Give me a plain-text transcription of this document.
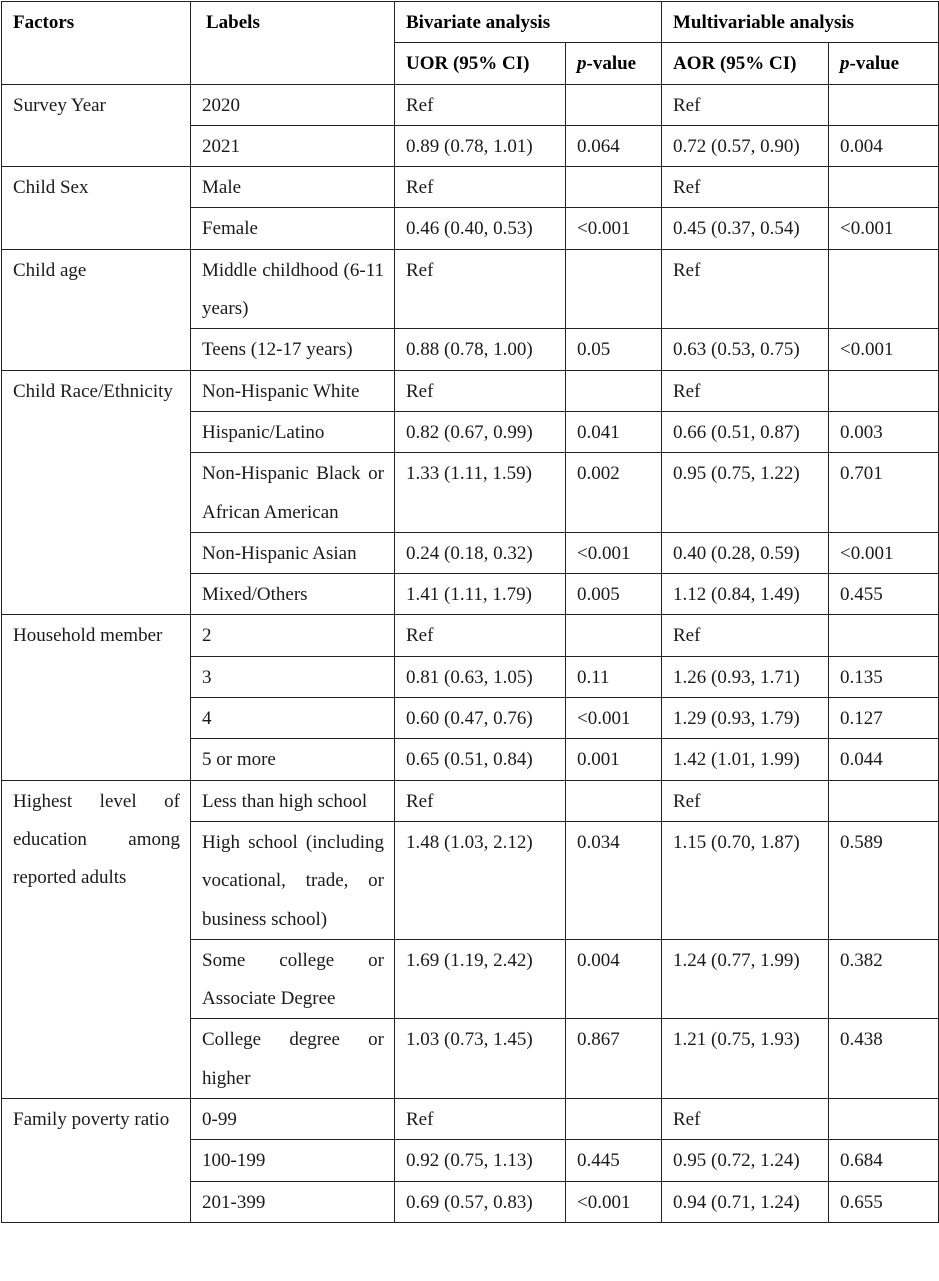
Factors	Labels	Bivariate analysis		Multivariable analysis	
		UOR (95% CI)	p-value	AOR (95% CI)	p-value
Survey Year	2020	Ref		Ref	
	2021	0.89 (0.78, 1.01)	0.064	0.72 (0.57, 0.90)	0.004
Child Sex	Male	Ref		Ref	
	Female	0.46 (0.40, 0.53)	<0.001	0.45 (0.37, 0.54)	<0.001
Child age	Middle childhood (6-11 years)	Ref		Ref	
	Teens (12-17 years)	0.88 (0.78, 1.00)	0.05	0.63 (0.53, 0.75)	<0.001
Child Race/Ethnicity	Non-Hispanic White	Ref		Ref	
	Hispanic/Latino	0.82 (0.67, 0.99)	0.041	0.66 (0.51, 0.87)	0.003
	Non-Hispanic Black or African American	1.33 (1.11, 1.59)	0.002	0.95 (0.75, 1.22)	0.701
	Non-Hispanic Asian	0.24 (0.18, 0.32)	<0.001	0.40 (0.28, 0.59)	<0.001
	Mixed/Others	1.41 (1.11, 1.79)	0.005	1.12 (0.84, 1.49)	0.455
Household member	2	Ref		Ref	
	3	0.81 (0.63, 1.05)	0.11	1.26 (0.93, 1.71)	0.135
	4	0.60 (0.47, 0.76)	<0.001	1.29 (0.93, 1.79)	0.127
	5 or more	0.65 (0.51, 0.84)	0.001	1.42 (1.01, 1.99)	0.044
Highest level of education among reported adults	Less than high school	Ref		Ref	
	High school (including vocational, trade, or business school)	1.48 (1.03, 2.12)	0.034	1.15 (0.70, 1.87)	0.589
	Some college or Associate Degree	1.69 (1.19, 2.42)	0.004	1.24 (0.77, 1.99)	0.382
	College degree or higher	1.03 (0.73, 1.45)	0.867	1.21 (0.75, 1.93)	0.438
Family poverty ratio	0-99	Ref		Ref	
	100-199	0.92 (0.75, 1.13)	0.445	0.95 (0.72, 1.24)	0.684
	201-399	0.69 (0.57, 0.83)	<0.001	0.94 (0.71, 1.24)	0.655
